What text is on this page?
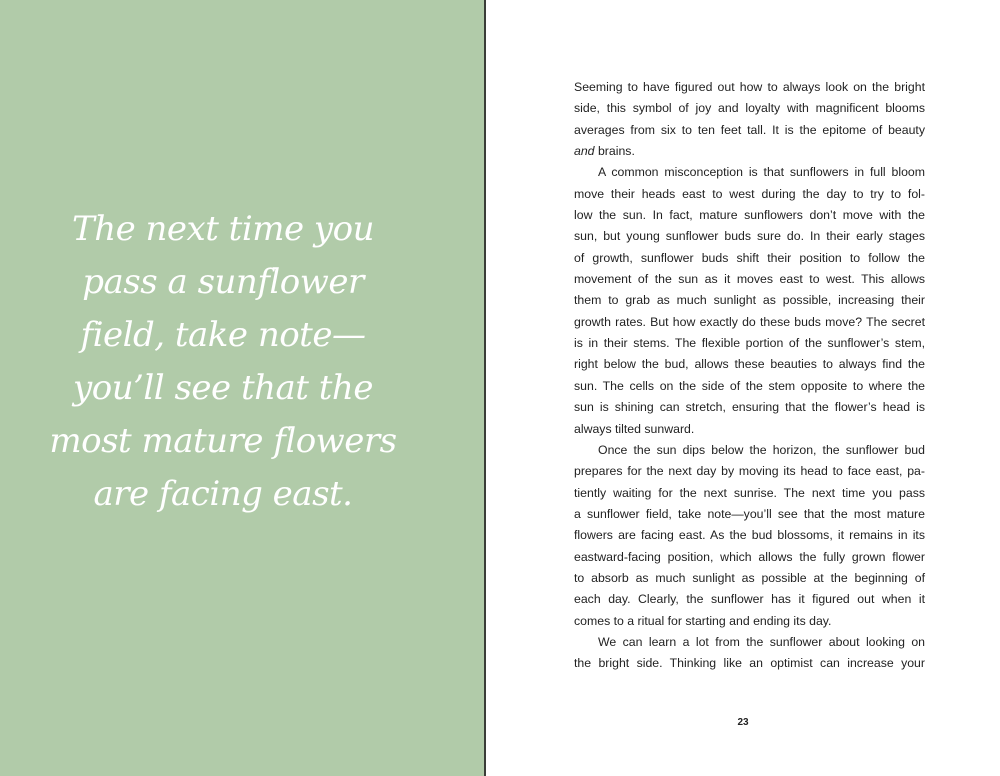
The next time you
pass a sunflower
field, take note—
you’ll see that the
most mature flowers
are facing east.
Seeming to have figured out how to always look on the bright
side, this symbol of joy and loyalty with magnificent blooms
averages from six to ten feet tall. It is the epitome of beauty
and brains.
A common misconception is that sunflowers in full bloom
move their heads east to west during the day to try to fol-
low the sun. In fact, mature sunflowers don’t move with the
sun, but young sunflower buds sure do. In their early stages
of growth, sunflower buds shift their position to follow the
movement of the sun as it moves east to west. This allows
them to grab as much sunlight as possible, increasing their
growth rates. But how exactly do these buds move? The secret
is in their stems. The flexible portion of the sunflower’s stem,
right below the bud, allows these beauties to always find the
sun. The cells on the side of the stem opposite to where the
sun is shining can stretch, ensuring that the flower’s head is
always tilted sunward.
Once the sun dips below the horizon, the sunflower bud
prepares for the next day by moving its head to face east, pa-
tiently waiting for the next sunrise. The next time you pass
a sunflower field, take note—you’ll see that the most mature
flowers are facing east. As the bud blossoms, it remains in its
eastward-facing position, which allows the fully grown flower
to absorb as much sunlight as possible at the beginning of
each day. Clearly, the sunflower has it figured out when it
comes to a ritual for starting and ending its day.
We can learn a lot from the sunflower about looking on
the bright side. Thinking like an optimist can increase your
23
